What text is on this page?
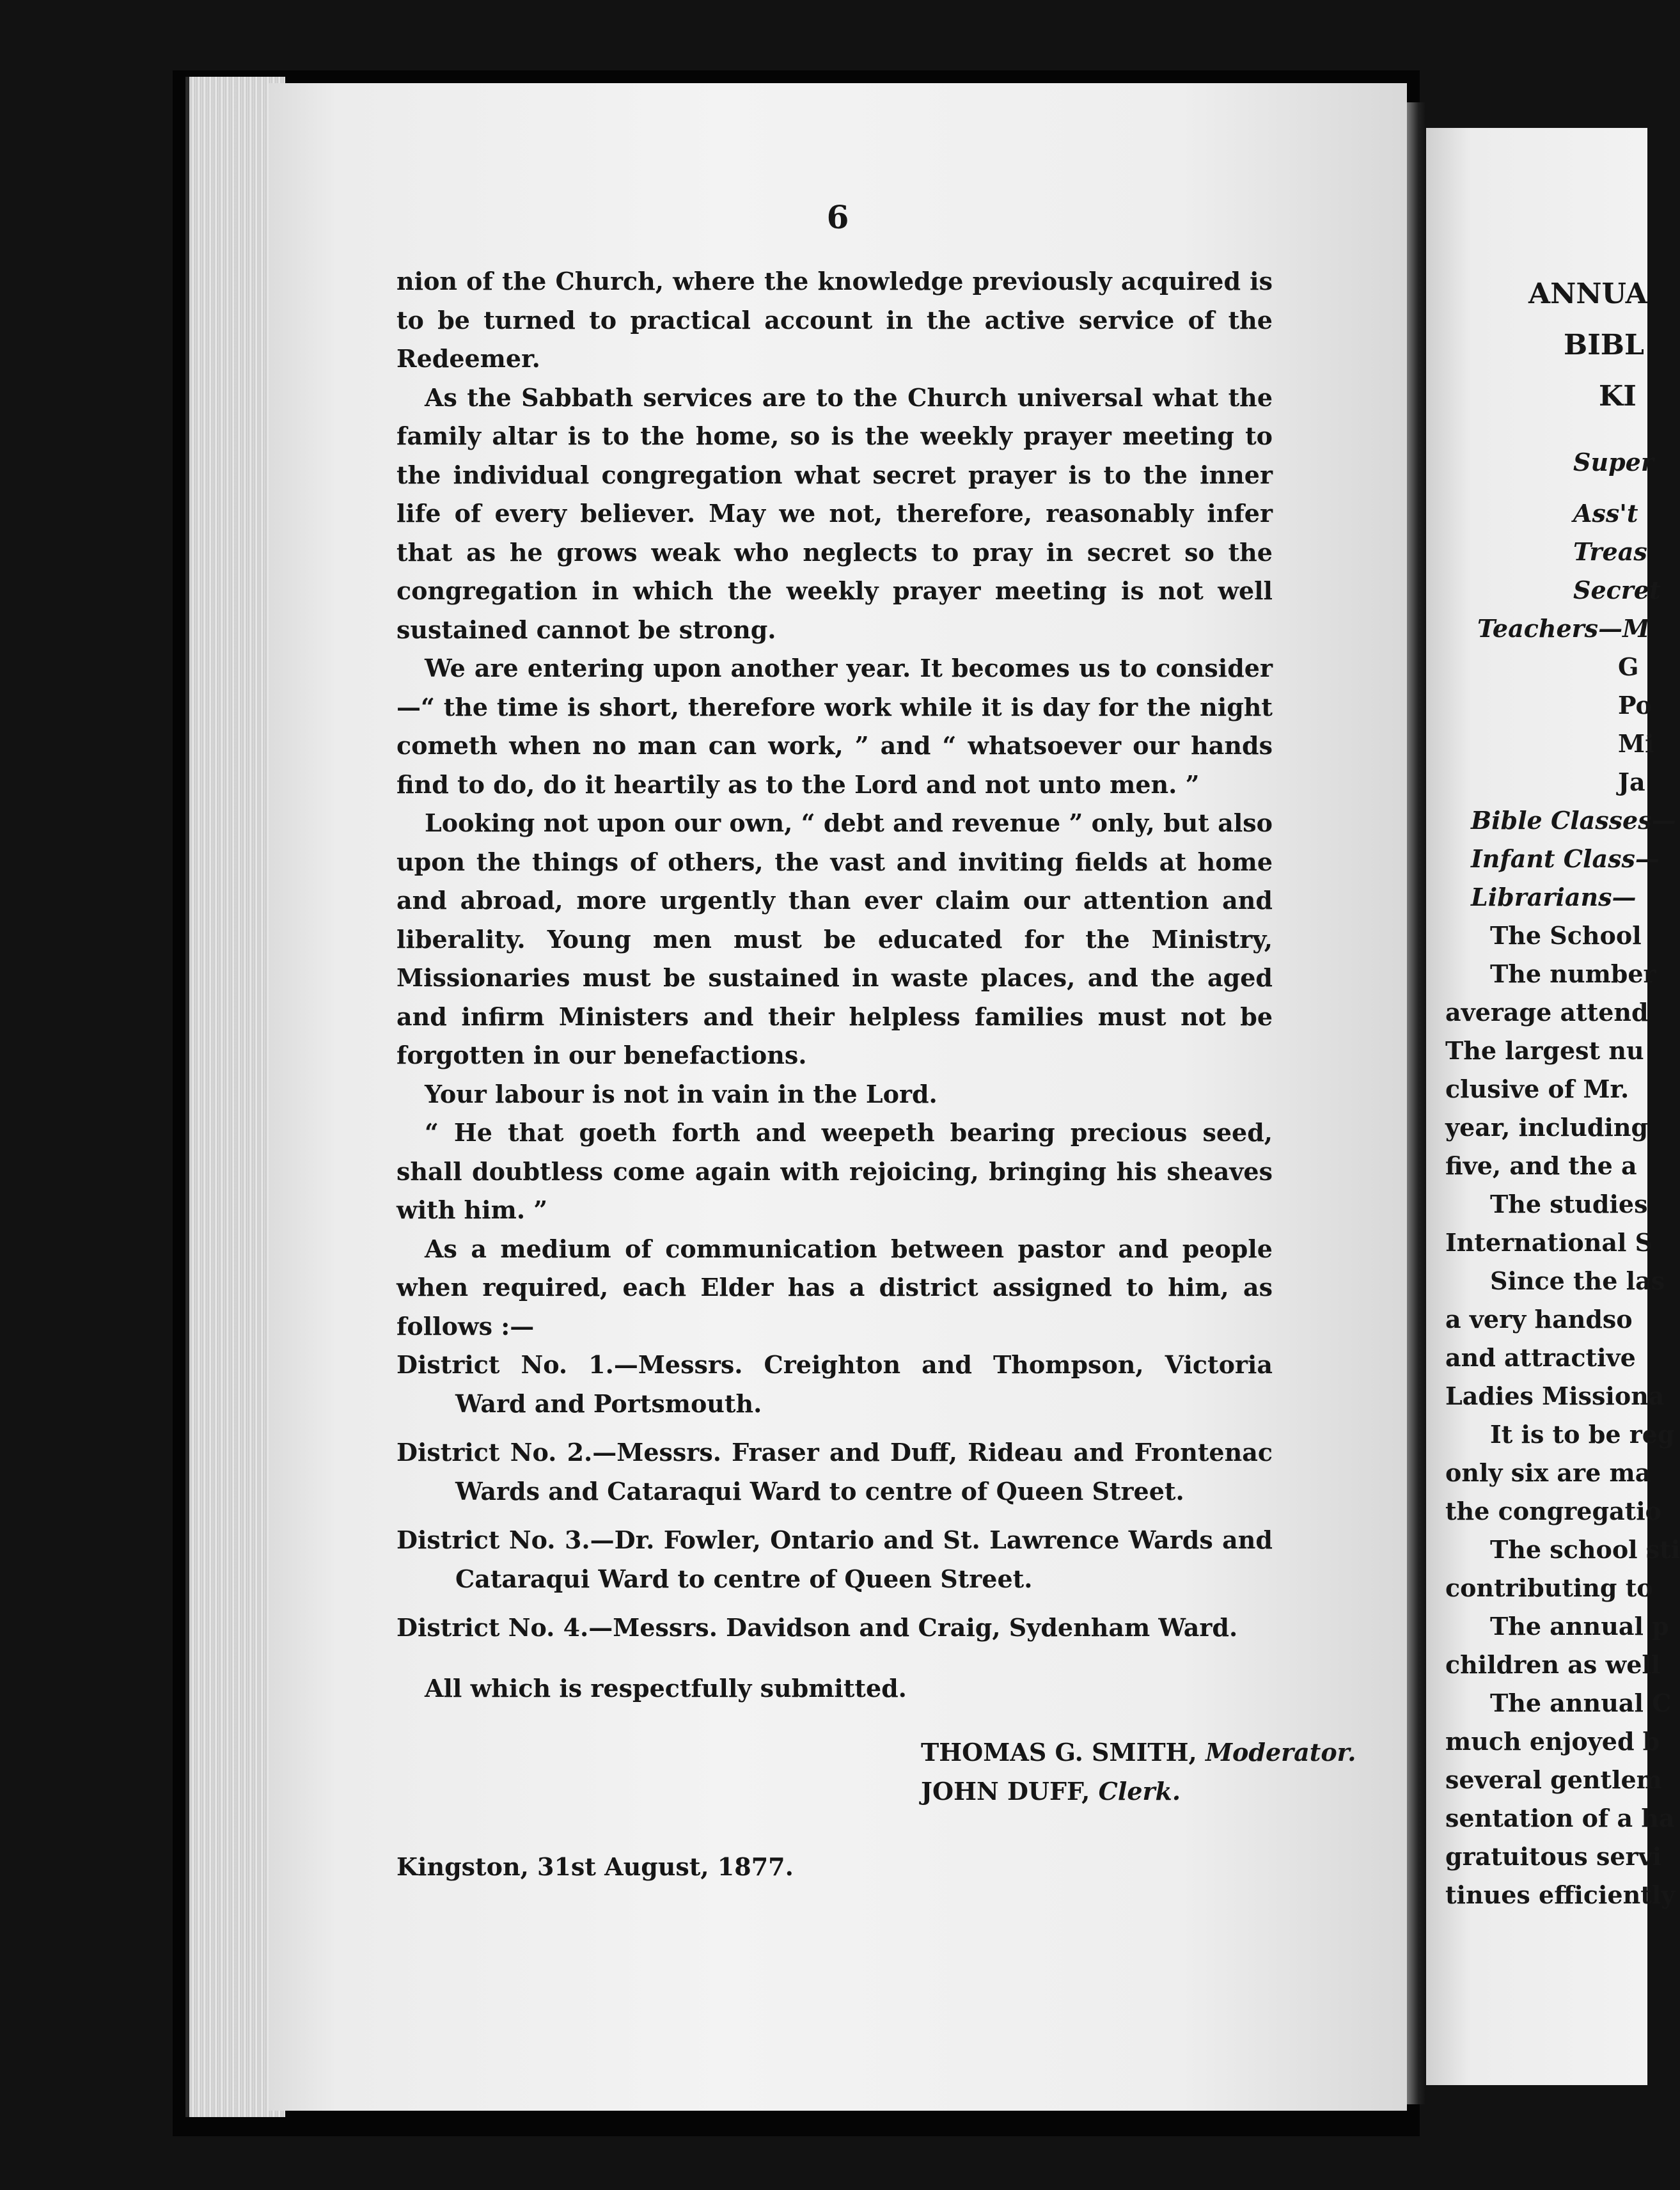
6

nion of the Church, where the knowledge previously acquired is to be turned to practical account in the active service of the Redeemer.

As the Sabbath services are to the Church universal what the family altar is to the home, so is the weekly prayer meeting to the individual congregation what secret prayer is to the inner life of every believer. May we not, therefore, reasonably infer that as he grows weak who neglects to pray in secret so the congregation in which the weekly prayer meeting is not well sustained cannot be strong.

We are entering upon another year. It becomes us to consider—“ the time is short, therefore work while it is day for the night cometh when no man can work, ” and “ whatsoever our hands find to do, do it heartily as to the Lord and not unto men. ”

Looking not upon our own, “ debt and revenue ” only, but also upon the things of others, the vast and inviting fields at home and abroad, more urgently than ever claim our attention and liberality. Young men must be educated for the Ministry, Missionaries must be sustained in waste places, and the aged and infirm Ministers and their helpless families must not be forgotten in our benefactions.

Your labour is not in vain in the Lord.

“ He that goeth forth and weepeth bearing precious seed, shall doubtless come again with rejoicing, bringing his sheaves with him. ”

As a medium of communication between pastor and people when required, each Elder has a district assigned to him, as follows :—

District No. 1.—Messrs. Creighton and Thompson, Victoria Ward and Portsmouth.

District No. 2.—Messrs. Fraser and Duff, Rideau and Frontenac Wards and Cataraqui Ward to centre of Queen Street.

District No. 3.—Dr. Fowler, Ontario and St. Lawrence Wards and Cataraqui Ward to centre of Queen Street.

District No. 4.—Messrs. Davidson and Craig, Sydenham Ward.

All which is respectfully submitted.

THOMAS G. SMITH, Moderator.
JOHN DUFF, Clerk.

Kingston, 31st August, 1877.

ANNUA
BIBL
KI
Super
Ass't
Treas
Secret
Teachers—M
G
Po
Mi
Ja
Bible Classes—
Infant Class—
Librarians—
The School
The number
average attend
The largest nu
clusive of Mr.
year, including
five, and the a
The studies
International S
Since the las
a very handso
and attractive
Ladies Missiona
It is to be reg
only six are ma
the congregatio
The school sti
contributing to
The annual p
children as well
The annual C
much enjoyed b
several gentlem
sentation of a ha
gratuitous servi
tinues efficiently
